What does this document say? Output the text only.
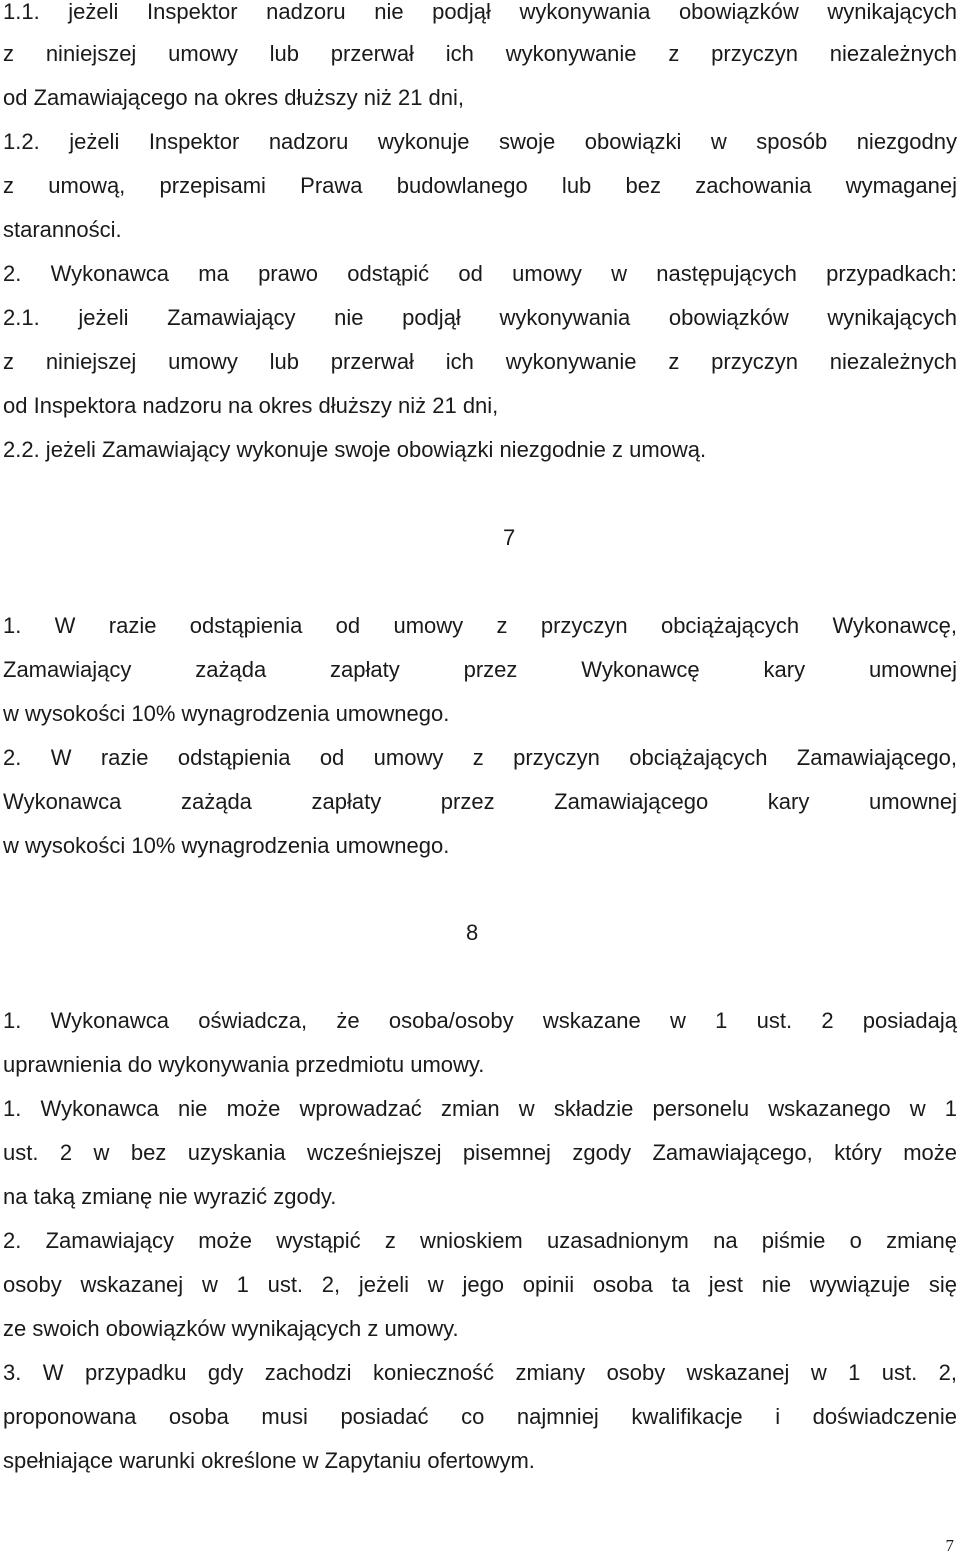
1.1. jeżeli Inspektor nadzoru nie podjął wykonywania obowiązków wynikających
z niniejszej umowy lub przerwał ich wykonywanie z przyczyn niezależnych
od Zamawiającego na okres dłuższy niż 21 dni,
1.2. jeżeli Inspektor nadzoru wykonuje swoje obowiązki w sposób niezgodny
z umową, przepisami Prawa budowlanego lub bez zachowania wymaganej
staranności.
2. Wykonawca ma prawo odstąpić od umowy w następujących przypadkach:
2.1. jeżeli Zamawiający nie podjął wykonywania obowiązków wynikających
z niniejszej umowy lub przerwał ich wykonywanie z przyczyn niezależnych
od Inspektora nadzoru na okres dłuższy niż 21 dni,
2.2. jeżeli Zamawiający wykonuje swoje obowiązki niezgodnie z umową.
7
1. W razie odstąpienia od umowy z przyczyn obciążających Wykonawcę,
Zamawiający zażąda zapłaty przez Wykonawcę kary umownej
w wysokości 10% wynagrodzenia umownego.
2. W razie odstąpienia od umowy z przyczyn obciążających Zamawiającego,
Wykonawca zażąda zapłaty przez Zamawiającego kary umownej
w wysokości 10% wynagrodzenia umownego.
8
1. Wykonawca oświadcza, że osoba/osoby wskazane w 1 ust. 2 posiadają
uprawnienia do wykonywania przedmiotu umowy.
1. Wykonawca nie może wprowadzać zmian w składzie personelu wskazanego w 1
ust. 2 w bez uzyskania wcześniejszej pisemnej zgody Zamawiającego, który może
na taką zmianę nie wyrazić zgody.
2. Zamawiający może wystąpić z wnioskiem uzasadnionym na piśmie o zmianę
osoby wskazanej w 1 ust. 2, jeżeli w jego opinii osoba ta jest nie wywiązuje się
ze swoich obowiązków wynikających z umowy.
3. W przypadku gdy zachodzi konieczność zmiany osoby wskazanej w 1 ust. 2,
proponowana osoba musi posiadać co najmniej kwalifikacje i doświadczenie
spełniające warunki określone w Zapytaniu ofertowym.
7
